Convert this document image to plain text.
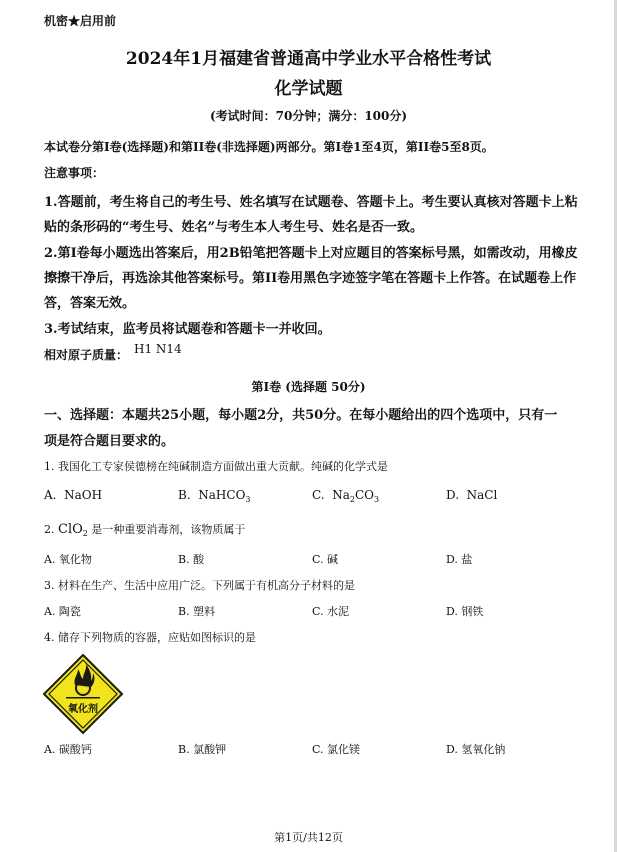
机密★启用前
2024年1月福建省普通高中学业水平合格性考试
化学试题
(考试时间：70分钟；满分：100分)
本试卷分第I卷(选择题)和第II卷(非选择题)两部分。第I卷1至4页，第II卷5至8页。
注意事项：
1.答题前，考生将自己的考生号、姓名填写在试题卷、答题卡上。考生要认真核对答题卡上粘
贴的条形码的“考生号、姓名”与考生本人考生号、姓名是否一致。
2.第I卷每小题选出答案后，用2B铅笔把答题卡上对应题目的答案标号黑，如需改动，用橡皮
擦擦干净后，再选涂其他答案标号。第II卷用黑色字迹签字笔在答题卡上作答。在试题卷上作
答，答案无效。
3.考试结束，监考员将试题卷和答题卡一并收回。
相对原子质量： H1 N14
第I卷 (选择题 50分)
一、选择题：本题共25小题，每小题2分，共50分。在每小题给出的四个选项中，只有一
项是符合题目要求的。
1. 我国化工专家侯德榜在纯碱制造方面做出重大贡献。纯碱的化学式是
A. NaOH	B. NaHCO$_3$	C. $Na_2CO_3$	D. NaCl
2. ClO$_2$ 是一种重要消毒剂，该物质属于
A. 氧化物	B. 酸	C. 碱	D. 盐
3. 材料在生产、生活中应用广泛。下列属于有机高分子材料的是
A. 陶瓷	B. 塑料	C. 水泥	D. 钢铁
4. 储存下列物质的容器，应贴如图标识的是
氧化剂
A. 碳酸钙	B. 氯酸钾	C. 氯化镁	D. 氢氧化钠
第1页/共12页
